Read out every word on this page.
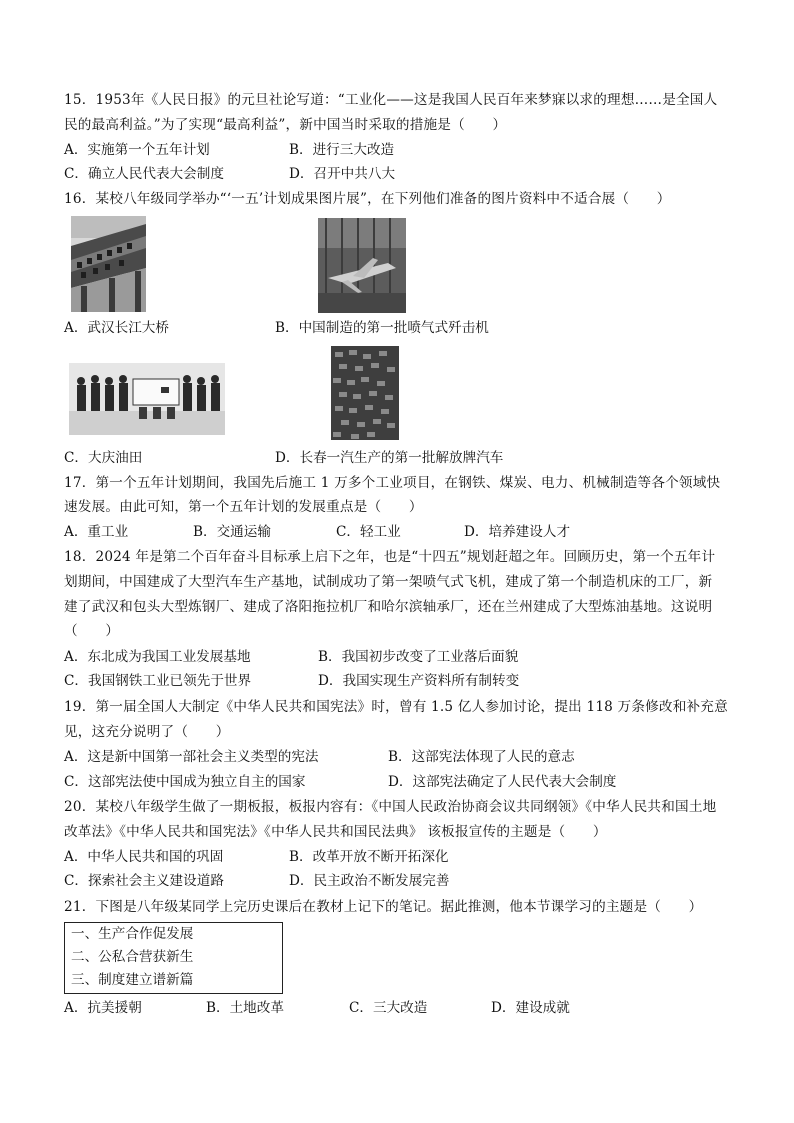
15．1953年《人民日报》的元旦社论写道：“工业化——这是我国人民百年来梦寐以求的理想……是全国人
民的最高利益。”为了实现“最高利益”，新中国当时采取的措施是（　　）
A．实施第一个五年计划	B．进行三大改造
C．确立人民代表大会制度	D．召开中共八大
16．某校八年级同学举办“‘一五’计划成果图片展”，在下列他们准备的图片资料中不适合展（　　）
A．武汉长江大桥	B．中国制造的第一批喷气式歼击机
C．大庆油田	D．长春一汽生产的第一批解放牌汽车
17．第一个五年计划期间，我国先后施工 1 万多个工业项目，在钢铁、煤炭、电力、机械制造等各个领域快
速发展。由此可知，第一个五年计划的发展重点是（　　）
A．重工业	B．交通运输	C．轻工业	D．培养建设人才
18．2024 年是第二个百年奋斗目标承上启下之年，也是“十四五”规划赶超之年。回顾历史，第一个五年计
划期间，中国建成了大型汽车生产基地，试制成功了第一架喷气式飞机，建成了第一个制造机床的工厂，新
建了武汉和包头大型炼钢厂、建成了洛阳拖拉机厂和哈尔滨轴承厂，还在兰州建成了大型炼油基地。这说明
（　　）
A．东北成为我国工业发展基地	B．我国初步改变了工业落后面貌
C．我国钢铁工业已领先于世界	D．我国实现生产资料所有制转变
19．第一届全国人大制定《中华人民共和国宪法》时，曾有 1.5 亿人参加讨论，提出 118 万条修改和补充意
见，这充分说明了（　　）
A．这是新中国第一部社会主义类型的宪法	B．这部宪法体现了人民的意志
C．这部宪法使中国成为独立自主的国家	D．这部宪法确定了人民代表大会制度
20．某校八年级学生做了一期板报，板报内容有：《中国人民政治协商会议共同纲领》《中华人民共和国土地
改革法》《中华人民共和国宪法》《中华人民共和国民法典》 该板报宣传的主题是（　　）
A．中华人民共和国的巩固	B．改革开放不断开拓深化
C．探索社会主义建设道路	D．民主政治不断发展完善
21．下图是八年级某同学上完历史课后在教材上记下的笔记。据此推测，他本节课学习的主题是（　　）
一、生产合作促发展
二、公私合营获新生
三、制度建立谱新篇
A．抗美援朝	B．土地改革	C．三大改造	D．建设成就
